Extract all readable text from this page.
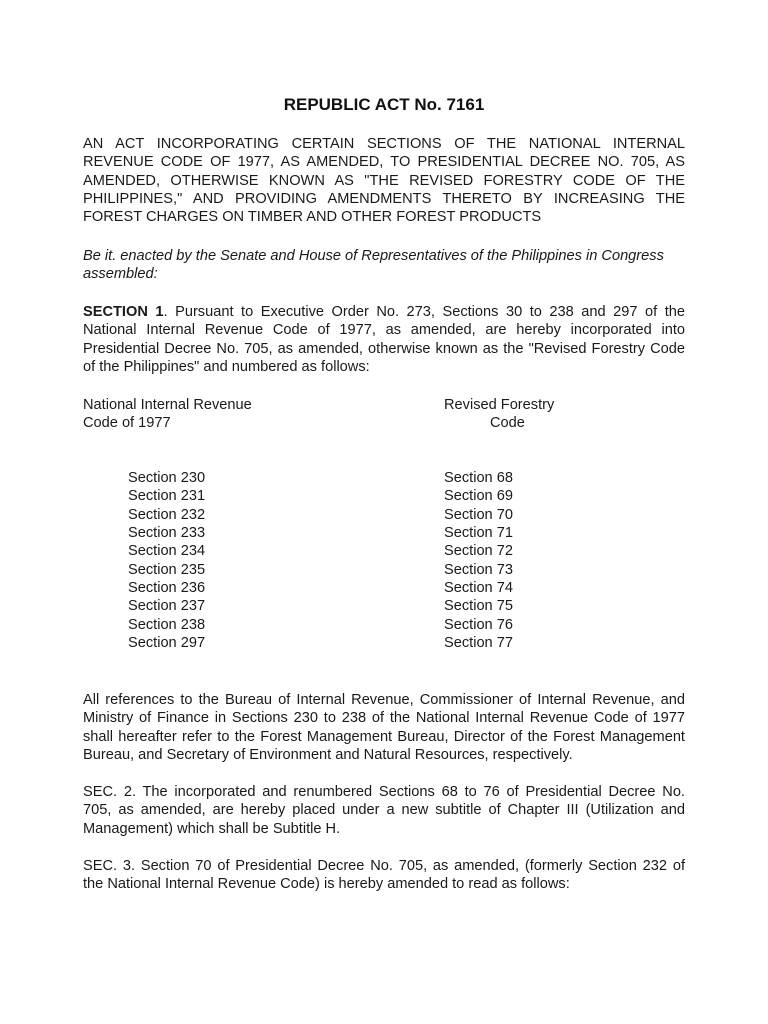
REPUBLIC ACT No. 7161
AN ACT INCORPORATING CERTAIN SECTIONS OF THE NATIONAL INTERNAL
REVENUE CODE OF 1977, AS AMENDED, TO PRESIDENTIAL DECREE NO. 705, AS
AMENDED, OTHERWISE KNOWN AS "THE REVISED FORESTRY CODE OF THE
PHILIPPINES," AND PROVIDING AMENDMENTS THERETO BY INCREASING THE
FOREST CHARGES ON TIMBER AND OTHER FOREST PRODUCTS
Be it. enacted by the Senate and House of Representatives of the Philippines in Congress
assembled:
SECTION 1. Pursuant to Executive Order No. 273, Sections 30 to 238 and 297 of the
National Internal Revenue Code of 1977, as amended, are hereby incorporated into
Presidential Decree No. 705, as amended, otherwise known as the "Revised Forestry Code
of the Philippines" and numbered as follows:
National Internal Revenue
Code of 1977
Revised Forestry
Code
Section 230
Section 231
Section 232
Section 233
Section 234
Section 235
Section 236
Section 237
Section 238
Section 297
Section 68
Section 69
Section 70
Section 71
Section 72
Section 73
Section 74
Section 75
Section 76
Section 77
All references to the Bureau of Internal Revenue, Commissioner of Internal Revenue, and
Ministry of Finance in Sections 230 to 238 of the National Internal Revenue Code of 1977
shall hereafter refer to the Forest Management Bureau, Director of the Forest Management
Bureau, and Secretary of Environment and Natural Resources, respectively.
SEC. 2. The incorporated and renumbered Sections 68 to 76 of Presidential Decree No.
705, as amended, are hereby placed under a new subtitle of Chapter III (Utilization and
Management) which shall be Subtitle H.
SEC. 3. Section 70 of Presidential Decree No. 705, as amended, (formerly Section 232 of
the National Internal Revenue Code) is hereby amended to read as follows:
